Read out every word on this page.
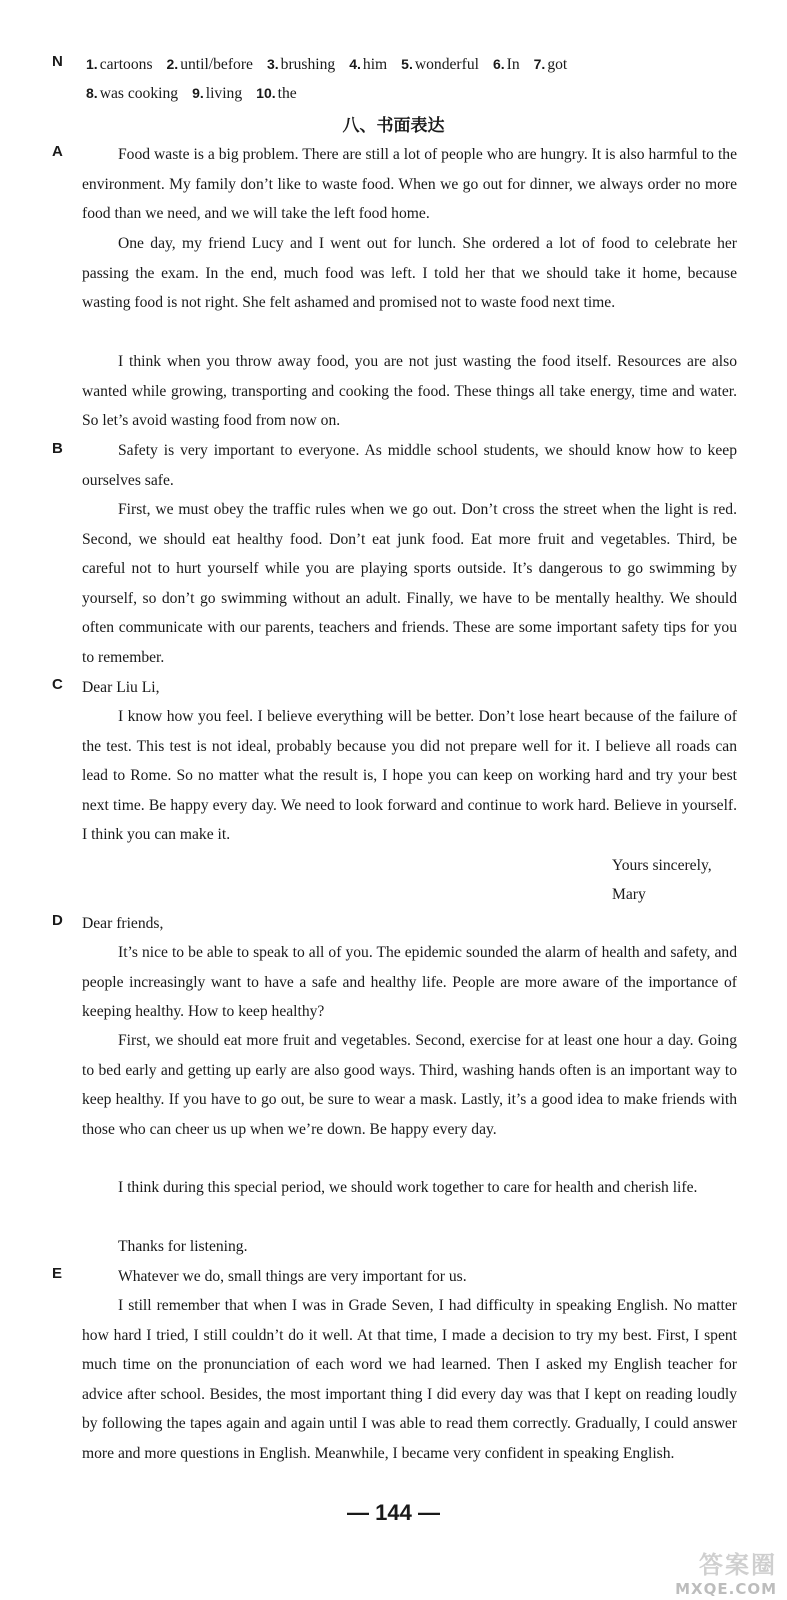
N 1. cartoons 2. until/before 3. brushing 4. him 5. wonderful 6. In 7. got
8. was cooking 9. living 10. the
八、书面表达
A	Food waste is a big problem. There are still a lot of people who are hungry. It is also harmful to the environment. My family don’t like to waste food. When we go out for dinner, we always order no more food than we need, and we will take the left food home.

One day, my friend Lucy and I went out for lunch. She ordered a lot of food to celebrate her passing the exam. In the end, much food was left. I told her that we should take it home, because wasting food is not right. She felt ashamed and promised not to waste food next time.

I think when you throw away food, you are not just wasting the food itself. Resources are also wanted while growing, transporting and cooking the food. These things all take energy, time and water. So let’s avoid wasting food from now on.

B	Safety is very important to everyone. As middle school students, we should know how to keep ourselves safe.

First, we must obey the traffic rules when we go out. Don’t cross the street when the light is red. Second, we should eat healthy food. Don’t eat junk food. Eat more fruit and vegetables. Third, be careful not to hurt yourself while you are playing sports outside. It’s dangerous to go swimming by yourself, so don’t go swimming without an adult. Finally, we have to be mentally healthy. We should often communicate with our parents, teachers and friends. These are some important safety tips for you to remember.

C Dear Liu Li,

I know how you feel. I believe everything will be better. Don’t lose heart because of the failure of the test. This test is not ideal, probably because you did not prepare well for it. I believe all roads can lead to Rome. So no matter what the result is, I hope you can keep on working hard and try your best next time. Be happy every day. We need to look forward and continue to work hard. Believe in yourself. I think you can make it.

Yours sincerely,
Mary
D Dear friends,

It’s nice to be able to speak to all of you. The epidemic sounded the alarm of health and safety, and people increasingly want to have a safe and healthy life. People are more aware of the importance of keeping healthy. How to keep healthy?

First, we should eat more fruit and vegetables. Second, exercise for at least one hour a day. Going to bed early and getting up early are also good ways. Third, washing hands often is an important way to keep healthy. If you have to go out, be sure to wear a mask. Lastly, it’s a good idea to make friends with those who can cheer us up when we’re down. Be happy every day.

I think during this special period, we should work together to care for health and cherish life.

Thanks for listening.

E	Whatever we do, small things are very important for us.

I still remember that when I was in Grade Seven, I had difficulty in speaking English. No matter how hard I tried, I still couldn’t do it well. At that time, I made a decision to try my best. First, I spent much time on the pronunciation of each word we had learned. Then I asked my English teacher for advice after school. Besides, the most important thing I did every day was that I kept on reading loudly by following the tapes again and again until I was able to read them correctly. Gradually, I could answer more and more questions in English. Meanwhile, I became very confident in speaking English.

— 144 —
答案圈
MXQE.COM
